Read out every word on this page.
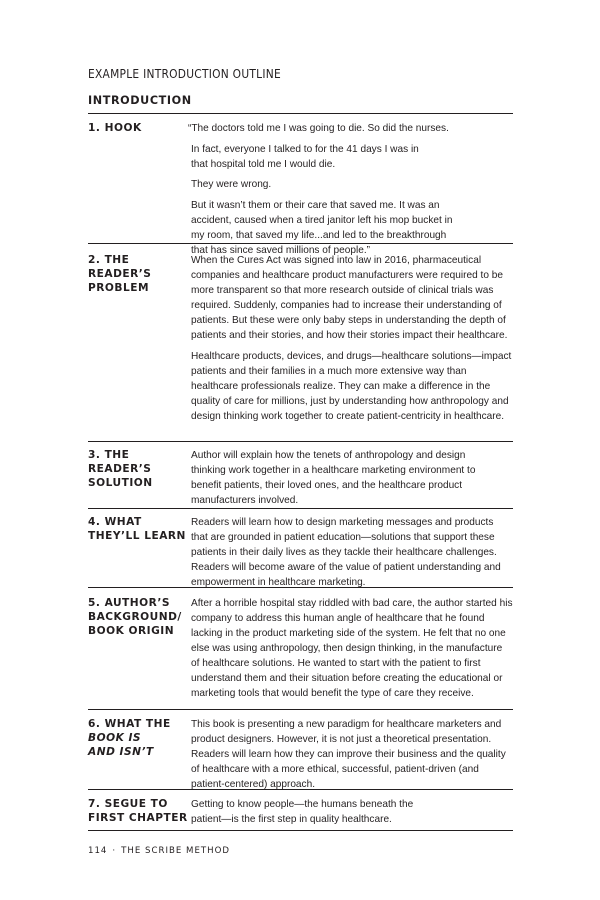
EXAMPLE INTRODUCTION OUTLINE
INTRODUCTION
1. HOOK	“The doctors told me I was going to die. So did the nurses.

In fact, everyone I talked to for the 41 days I was in that hospital told me I would die.

They were wrong.

But it wasn’t them or their care that saved me. It was an accident, caused when a tired janitor left his mop bucket in my room, that saved my life...and led to the breakthrough that has since saved millions of people.”

2. THE
READER’S
PROBLEM

When the Cures Act was signed into law in 2016, pharmaceutical companies and healthcare product manufacturers were required to be more transparent so that more research outside of clinical trials was required. Suddenly, companies had to increase their understanding of patients. But these were only baby steps in understanding the depth of patients and their stories, and how their stories impact their healthcare.

Healthcare products, devices, and drugs—healthcare solutions—impact patients and their families in a much more extensive way than healthcare professionals realize. They can make a difference in the quality of care for millions, just by understanding how anthropology and design thinking work together to create patient-centricity in healthcare.

3. THE
READER’S
SOLUTION

Author will explain how the tenets of anthropology and design thinking work together in a healthcare marketing environment to benefit patients, their loved ones, and the healthcare product manufacturers involved.

4. WHAT
THEY’LL LEARN

Readers will learn how to design marketing messages and products that are grounded in patient education—solutions that support these patients in their daily lives as they tackle their healthcare challenges. Readers will become aware of the value of patient understanding and empowerment in healthcare marketing.

5. AUTHOR’S
BACKGROUND/
BOOK ORIGIN

After a horrible hospital stay riddled with bad care, the author started his company to address this human angle of healthcare that he found lacking in the product marketing side of the system. He felt that no one else was using anthropology, then design thinking, in the manufacture of healthcare solutions. He wanted to start with the patient to first understand them and their situation before creating the educational or marketing tools that would benefit the type of care they receive.

6. WHAT THE
BOOK IS
AND ISN’T

This book is presenting a new paradigm for healthcare marketers and product designers. However, it is not just a theoretical presentation. Readers will learn how they can improve their business and the quality of healthcare with a more ethical, successful, patient-driven (and patient-centered) approach.

7. SEGUE TO
FIRST CHAPTER

Getting to know people—the humans beneath the patient—is the first step in quality healthcare.

114 · THE SCRIBE METHOD
